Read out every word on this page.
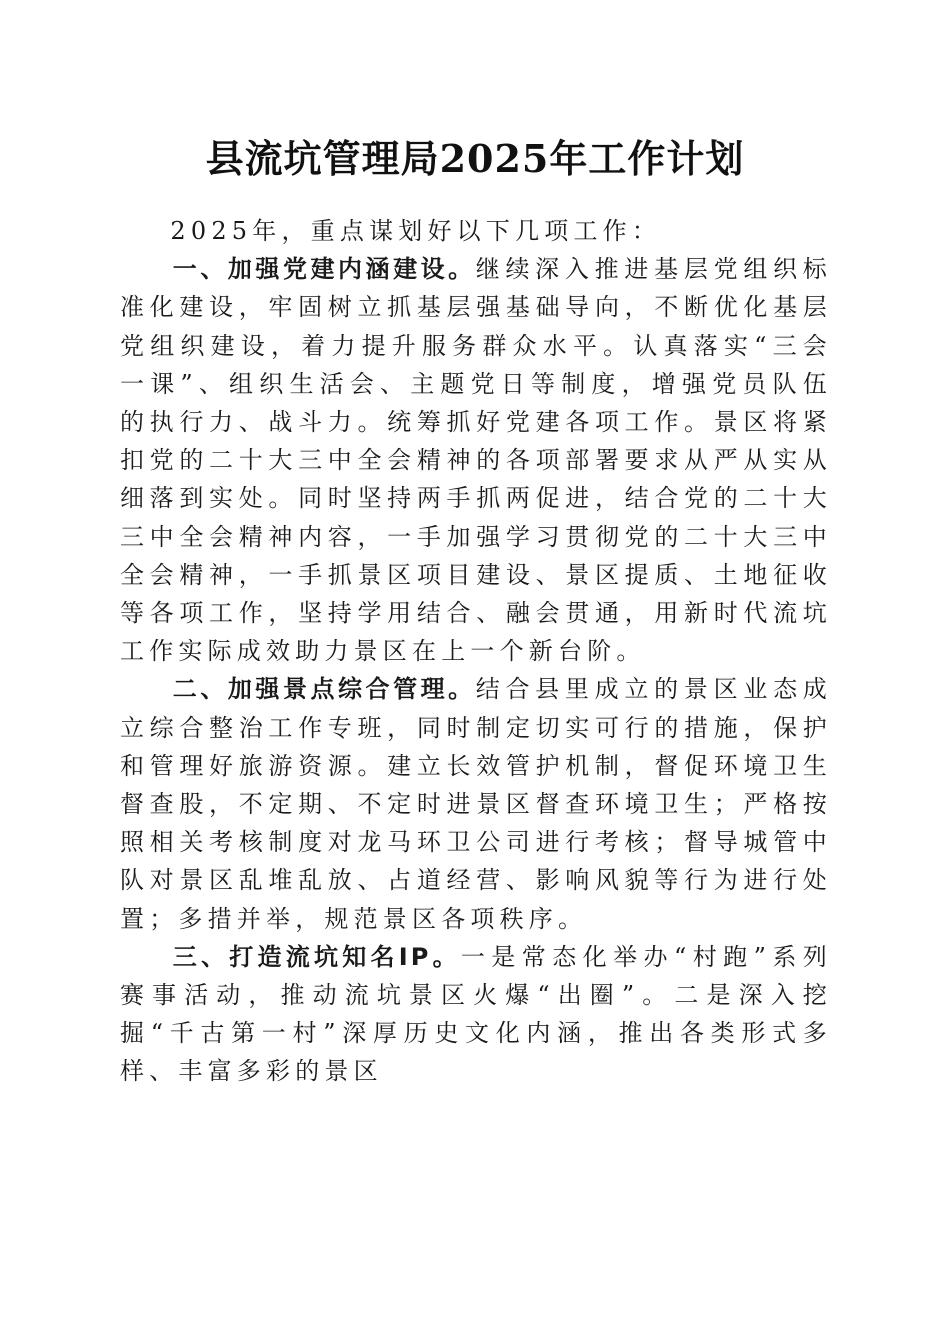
县流坑管理局2025年工作计划

2025年，重点谋划好以下几项工作：

一、加强党建内涵建设。继续深入推进基层党组织标准化建设，牢固树立抓基层强基础导向，不断优化基层党组织建设，着力提升服务群众水平。认真落实“三会一课”、组织生活会、主题党日等制度，增强党员队伍的执行力、战斗力。统筹抓好党建各项工作。景区将紧扣党的二十大三中全会精神的各项部署要求从严从实从细落到实处。同时坚持两手抓两促进，结合党的二十大三中全会精神内容，一手加强学习贯彻党的二十大三中全会精神，一手抓景区项目建设、景区提质、土地征收等各项工作，坚持学用结合、融会贯通，用新时代流坑工作实际成效助力景区在上一个新台阶。

二、加强景点综合管理。结合县里成立的景区业态成立综合整治工作专班，同时制定切实可行的措施，保护和管理好旅游资源。建立长效管护机制，督促环境卫生督查股，不定期、不定时进景区督查环境卫生；严格按照相关考核制度对龙马环卫公司进行考核；督导城管中队对景区乱堆乱放、占道经营、影响风貌等行为进行处置；多措并举，规范景区各项秩序。

三、打造流坑知名IP。一是常态化举办“村跑”系列赛事活动，推动流坑景区火爆“出圈”。二是深入挖掘“千古第一村”深厚历史文化内涵，推出各类形式多样、丰富多彩的景区
